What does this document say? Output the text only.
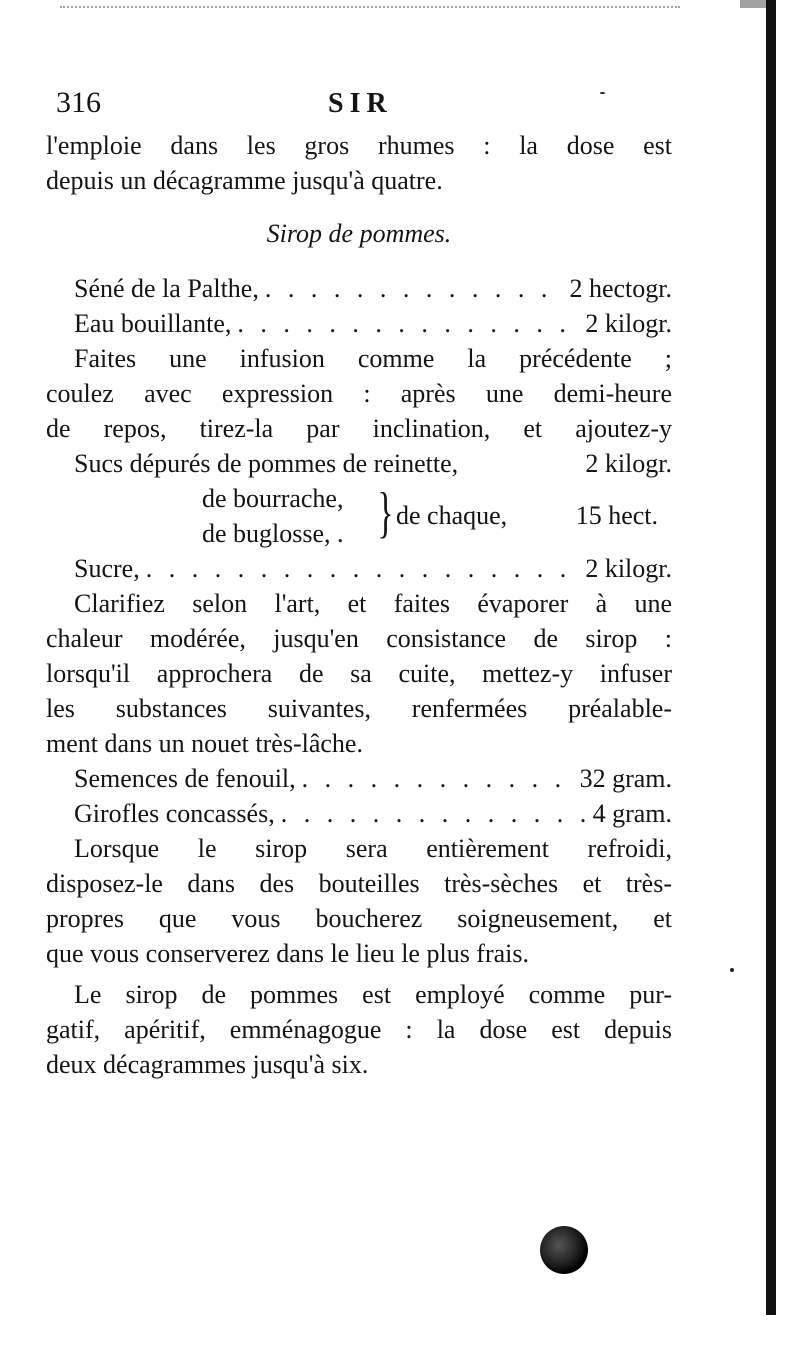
316	SIR
l'emploie dans les gros rhumes : la dose est
depuis un décagramme jusqu'à quatre.
Sirop de pommes.
Séné de la Palthe, . . .	2 hectogr.
Eau bouillante, . . .	2 kilogr.
Faites une infusion comme la précédente ;
coulez avec expression : après une demi-heure
de repos, tirez-la par inclination, et ajoutez-y
Sucs dépurés de pommes de reinette,	2 kilogr.
de bourrache,
de buglosse, . } de chaque,	15 hect.
Sucre, . . .	2 kilogr.
Clarifiez selon l'art, et faites évaporer à une
chaleur modérée, jusqu'en consistance de sirop :
lorsqu'il approchera de sa cuite, mettez-y infuser
les substances suivantes, renfermées préalable-
ment dans un nouet très-lâche.
Semences de fenouil, . . .	32 gram.
Girofles concassés, . . .	4 gram.
Lorsque le sirop sera entièrement refroidi,
disposez-le dans des bouteilles très-sèches et très-
propres que vous boucherez soigneusement, et
que vous conserverez dans le lieu le plus frais.
Le sirop de pommes est employé comme pur-
gatif, apéritif, emménagogue : la dose est depuis
deux décagrammes jusqu'à six.
